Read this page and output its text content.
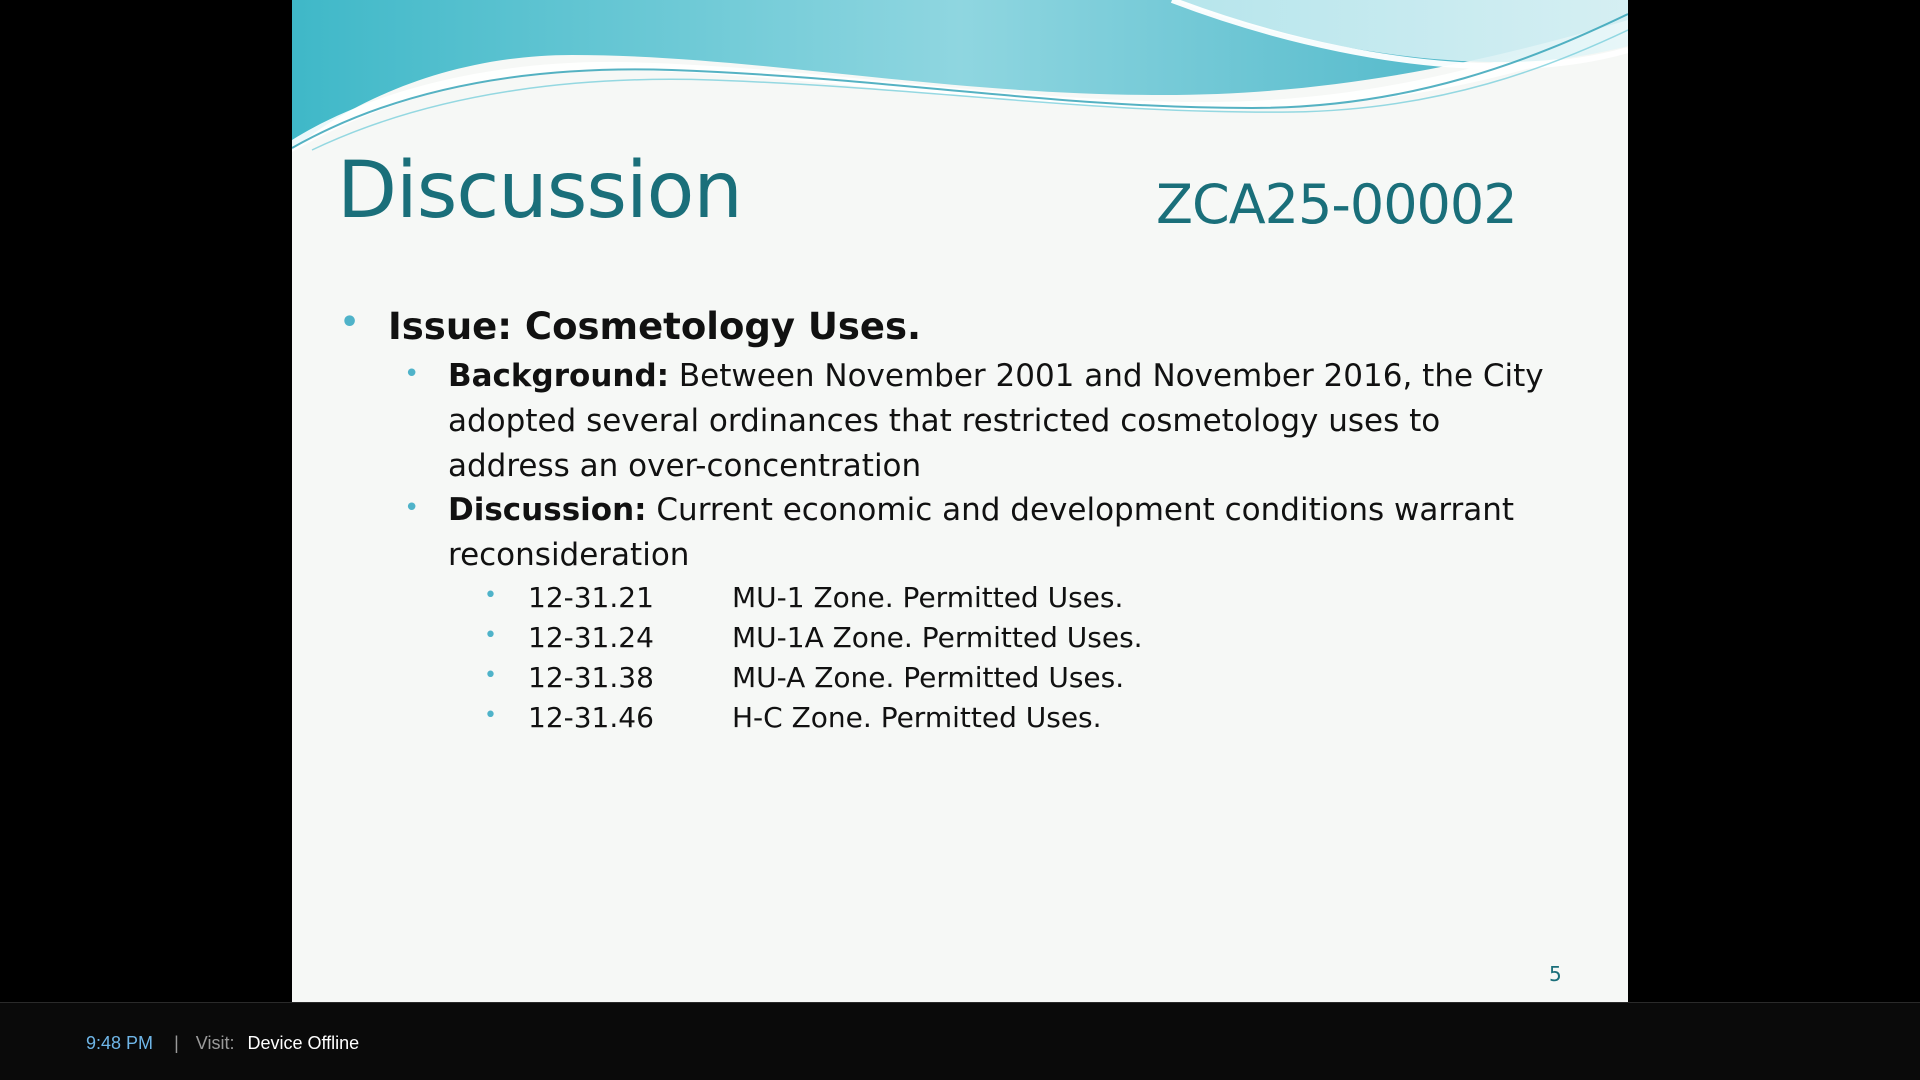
Discussion	ZCA25-00002
• Issue: Cosmetology Uses.
• Background: Between November 2001 and November 2016, the City adopted several ordinances that restricted cosmetology uses to address an over-concentration
• Discussion: Current economic and development conditions warrant reconsideration
• 12-31.21	MU-1 Zone. Permitted Uses.
• 12-31.24	MU-1A Zone. Permitted Uses.
• 12-31.38	MU-A Zone. Permitted Uses.
• 12-31.46	H-C Zone. Permitted Uses.
5
9:48 PM | Visit: Device Offline
